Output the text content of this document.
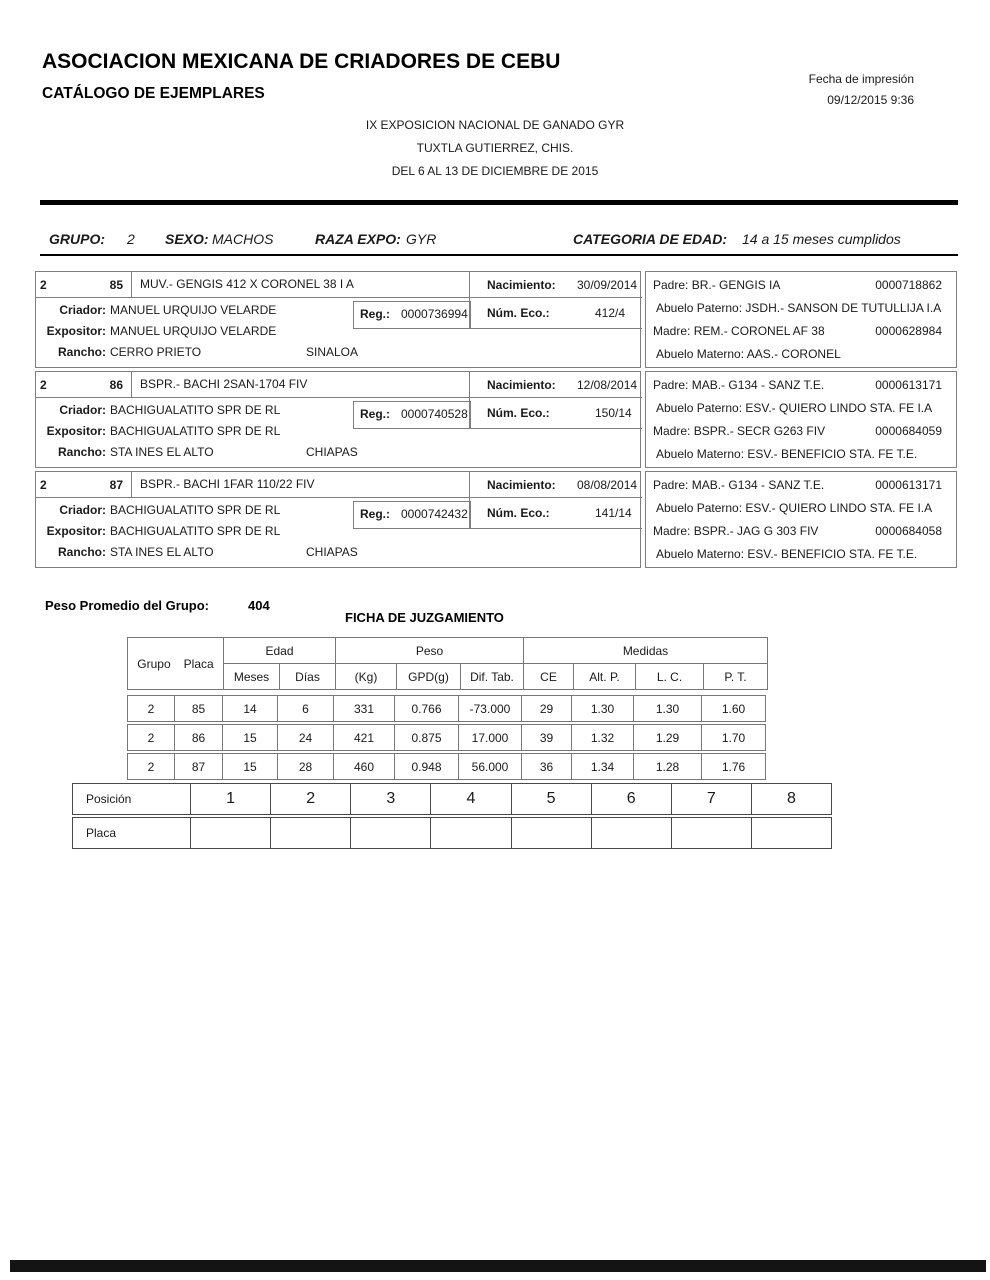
ASOCIACION MEXICANA DE CRIADORES DE CEBU
CATÁLOGO DE EJEMPLARES
Fecha de impresión
09/12/2015 9:36
IX EXPOSICION NACIONAL DE GANADO GYR
TUXTLA GUTIERREZ, CHIS.
DEL 6 AL 13 DE DICIEMBRE DE 2015
GRUPO: 2 SEXO: MACHOS	RAZA EXPO: GYR	CATEGORIA DE EDAD: 14 a 15 meses cumplidos
2	85	MUV.- GENGIS 412 X CORONEL 38 I A	Nacimiento: 30/09/2014
Criador: MANUEL URQUIJO VELARDE
Expositor: MANUEL URQUIJO VELARDE
Rancho: CERRO PRIETO	SINALOA
Reg.: 0000736994 Núm. Eco.:	412/4
Padre: BR.- GENGIS IA	0000718862
Abuelo Paterno: JSDH.- SANSON DE TUTULLIJA I.A
Madre: REM.- CORONEL AF 38	0000628984
Abuelo Materno: AAS.- CORONEL
2	86	BSPR.- BACHI 2SAN-1704 FIV	Nacimiento: 12/08/2014
Criador: BACHIGUALATITO SPR DE RL
Expositor: BACHIGUALATITO SPR DE RL
Rancho: STA INES EL ALTO	CHIAPAS
Reg.: 0000740528 Núm. Eco.:	150/14
Padre: MAB.- G134 - SANZ T.E.	0000613171
Abuelo Paterno: ESV.- QUIERO LINDO STA. FE I.A
Madre: BSPR.- SECR G263 FIV	0000684059
Abuelo Materno: ESV.- BENEFICIO STA. FE T.E.
2	87	BSPR.- BACHI 1FAR 110/22 FIV	Nacimiento: 08/08/2014
Criador: BACHIGUALATITO SPR DE RL
Expositor: BACHIGUALATITO SPR DE RL
Rancho: STA INES EL ALTO	CHIAPAS
Reg.: 0000742432 Núm. Eco.:	141/14
Padre: MAB.- G134 - SANZ T.E.	0000613171
Abuelo Paterno: ESV.- QUIERO LINDO STA. FE I.A
Madre: BSPR.- JAG G 303 FIV	0000684058
Abuelo Materno: ESV.- BENEFICIO STA. FE T.E.
Peso Promedio del Grupo:	404
FICHA DE JUZGAMIENTO
Grupo Placa
Edad	Peso	Medidas
Meses	Días	(Kg)	GPD(g)	Dif. Tab.	CE	Alt. P.	L. C.	P. T.
2	85	14	6	331	0.766	-73.000	29	1.30	1.30	1.60
2	86	15	24	421	0.875	17.000	39	1.32	1.29	1.70
2	87	15	28	460	0.948	56.000	36	1.34	1.28	1.76
Posición	1	2	3	4	5	6	7	8
Placa
